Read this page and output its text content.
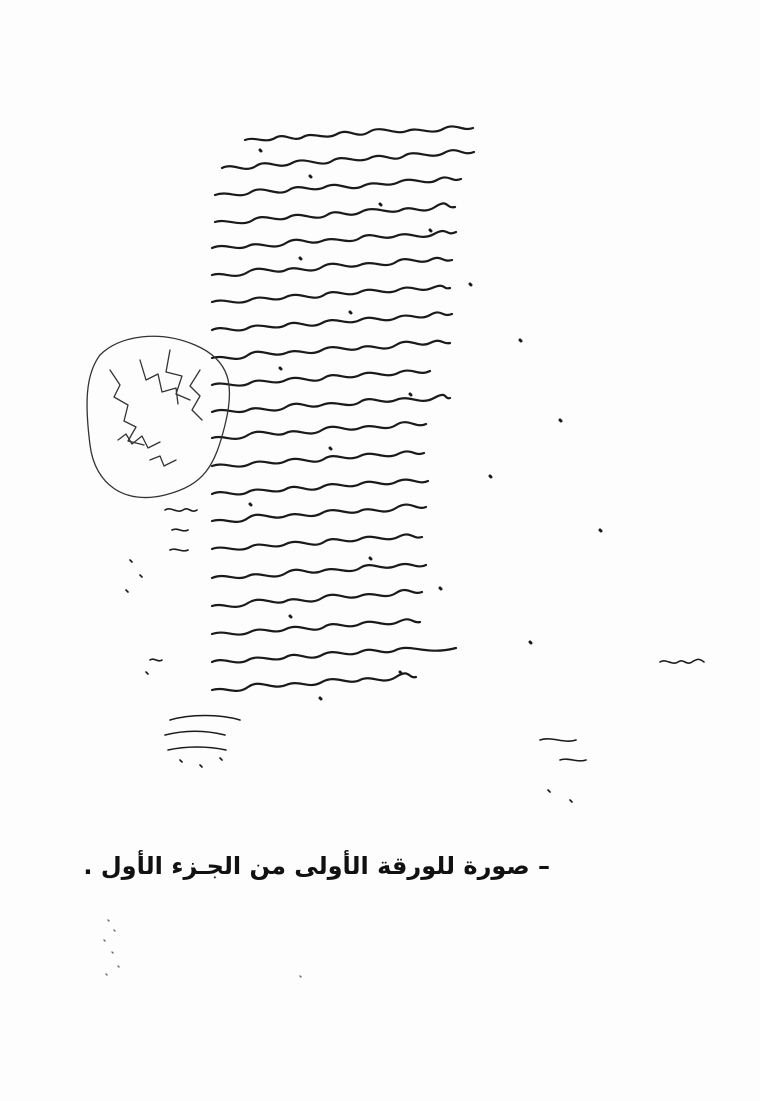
– صورة للورقة الأولى من الجـزء الأول .
